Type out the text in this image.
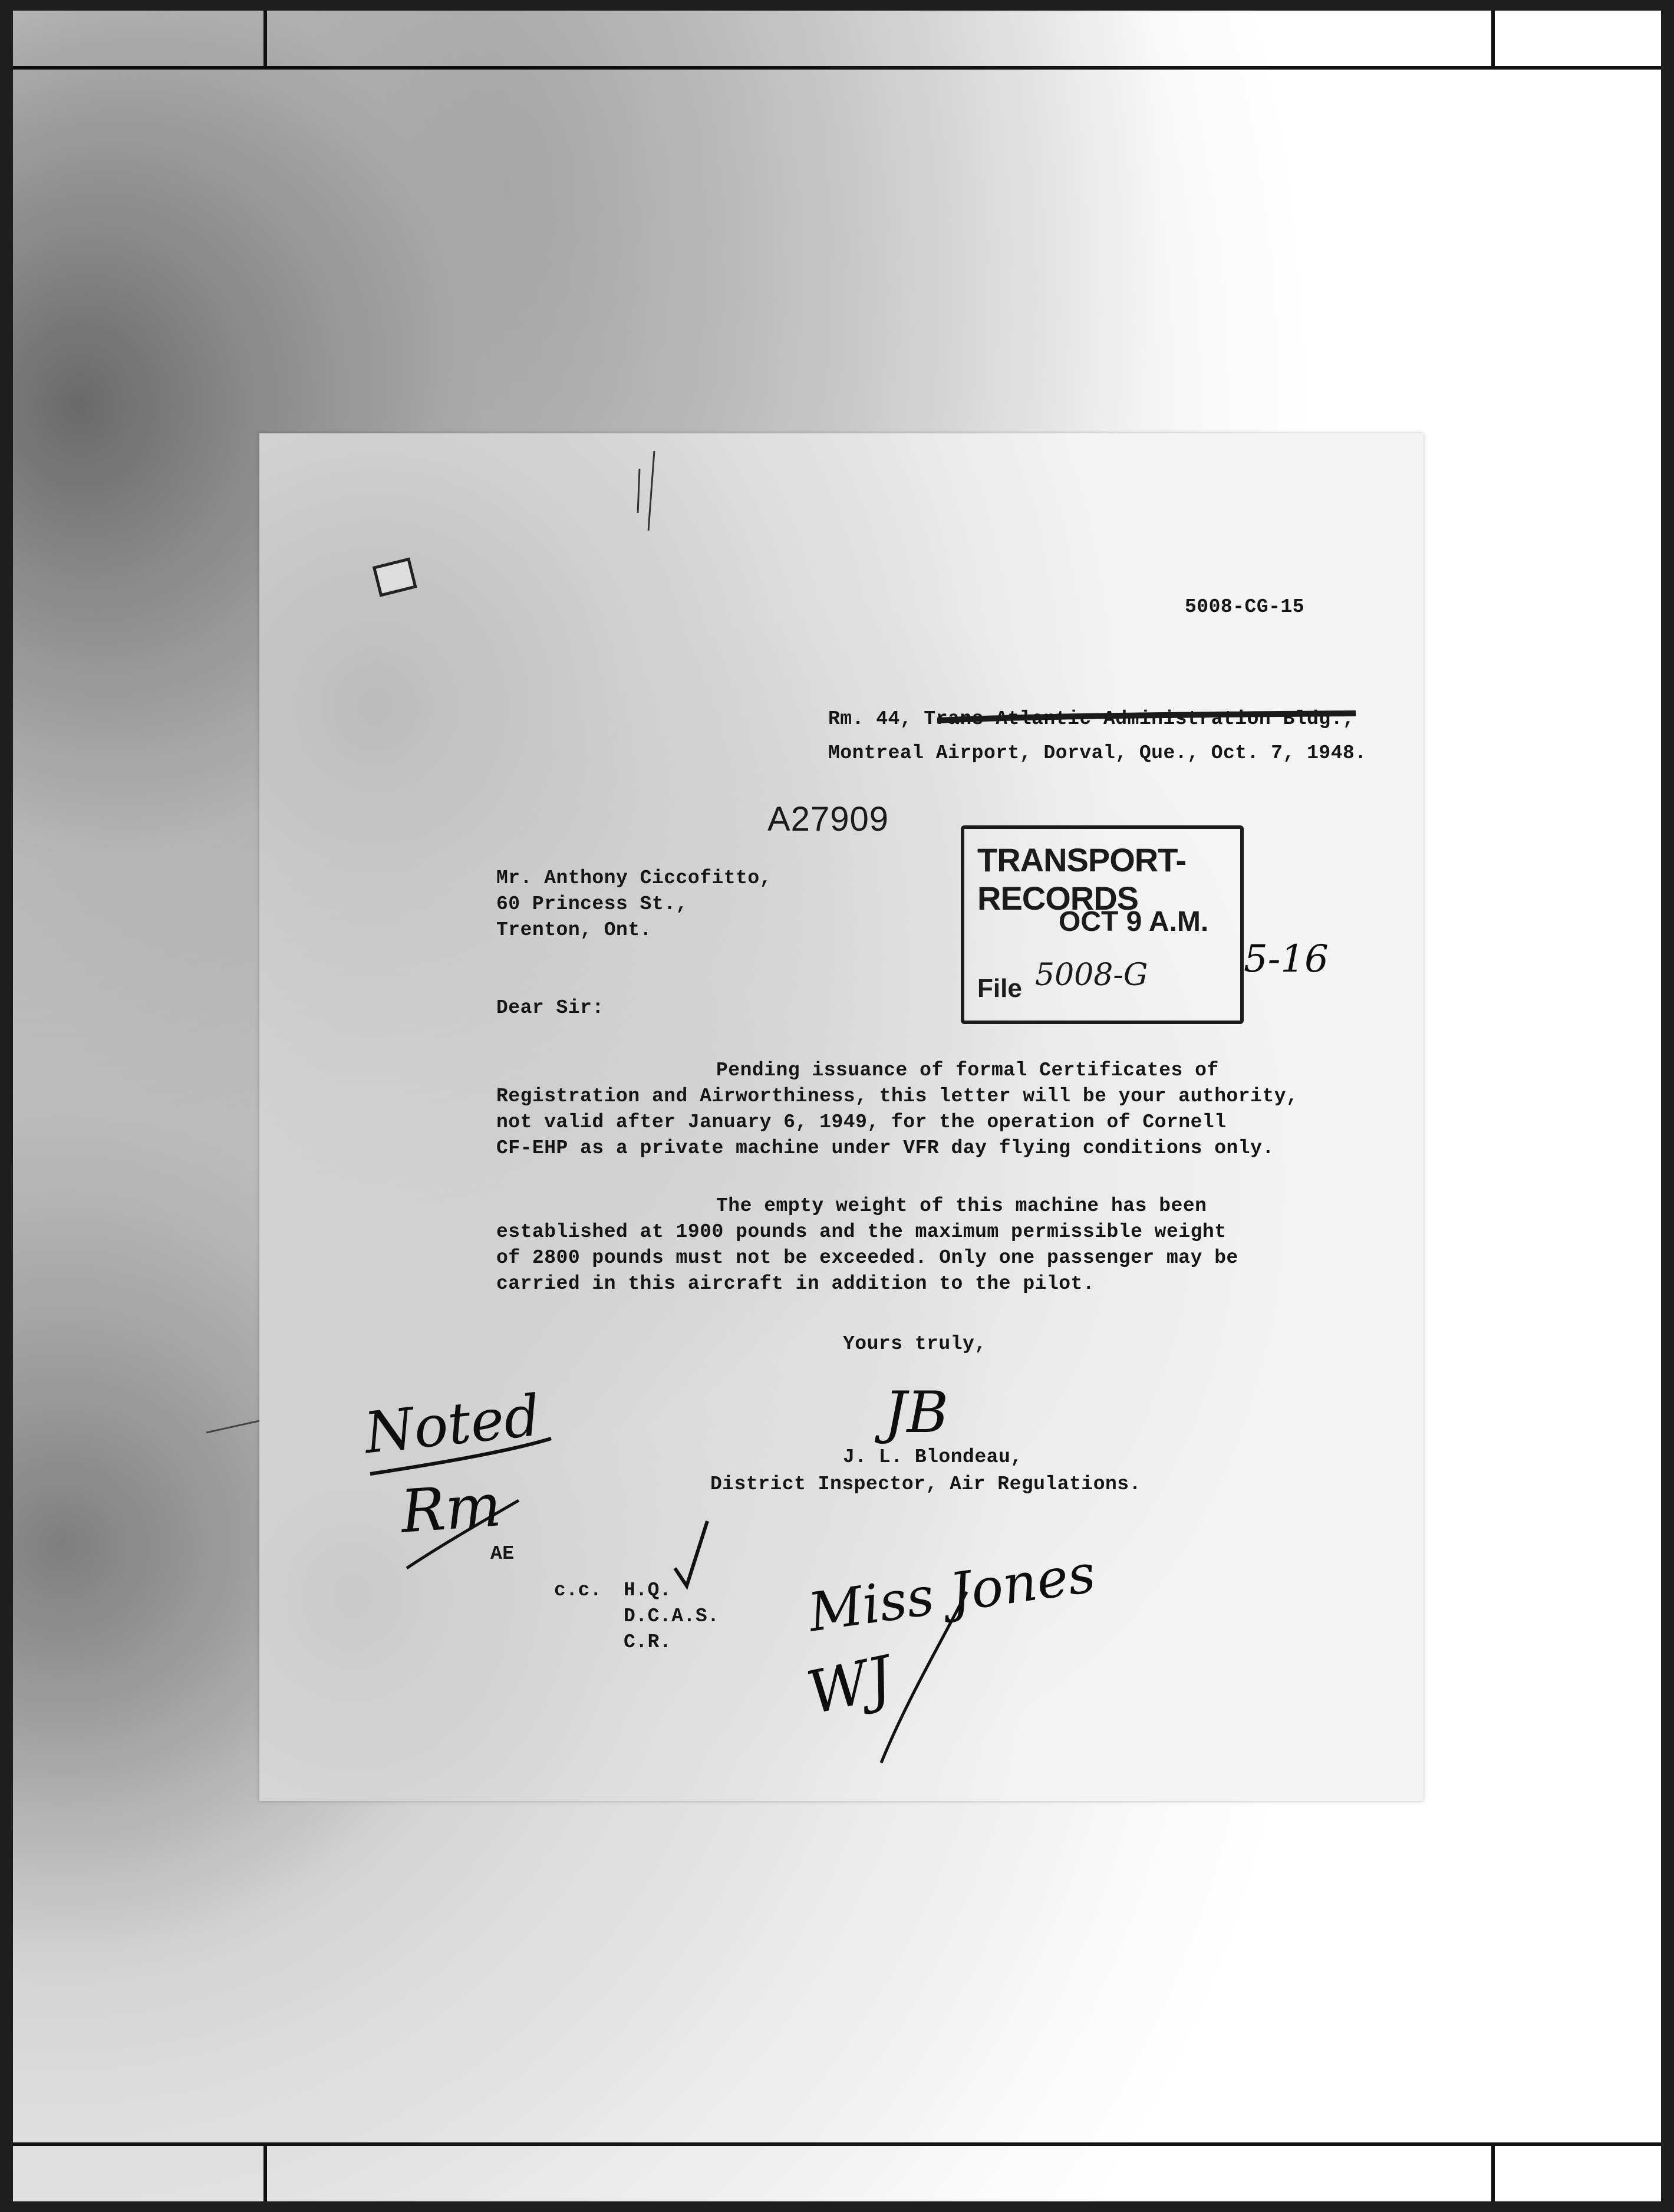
5008-CG-15
Rm. 44, Trans-Atlantic Administration Bldg.,
Montreal Airport, Dorval, Que., Oct. 7, 1948.
A27909
Mr. Anthony Ciccofitto,
60 Princess St.,
Trenton, Ont.
Dear Sir:
Pending issuance of formal Certificates of
Registration and Airworthiness, this letter will be your authority,
not valid after January 6, 1949, for the operation of Cornell
CF-EHP as a private machine under VFR day flying conditions only.
The empty weight of this machine has been
established at 1900 pounds and the maximum permissible weight
of 2800 pounds must not be exceeded. Only one passenger may be
carried in this aircraft in addition to the pilot.
Yours truly,
J. L. Blondeau,
District Inspector, Air Regulations.
c.c. H.Q.
D.C.A.S.
C.R.
AE
TRANSPORT-RECORDS
OCT 9 A.M.
File 5008-G	5-16
Noted
Rm
JB
Miss Jones
WJ
